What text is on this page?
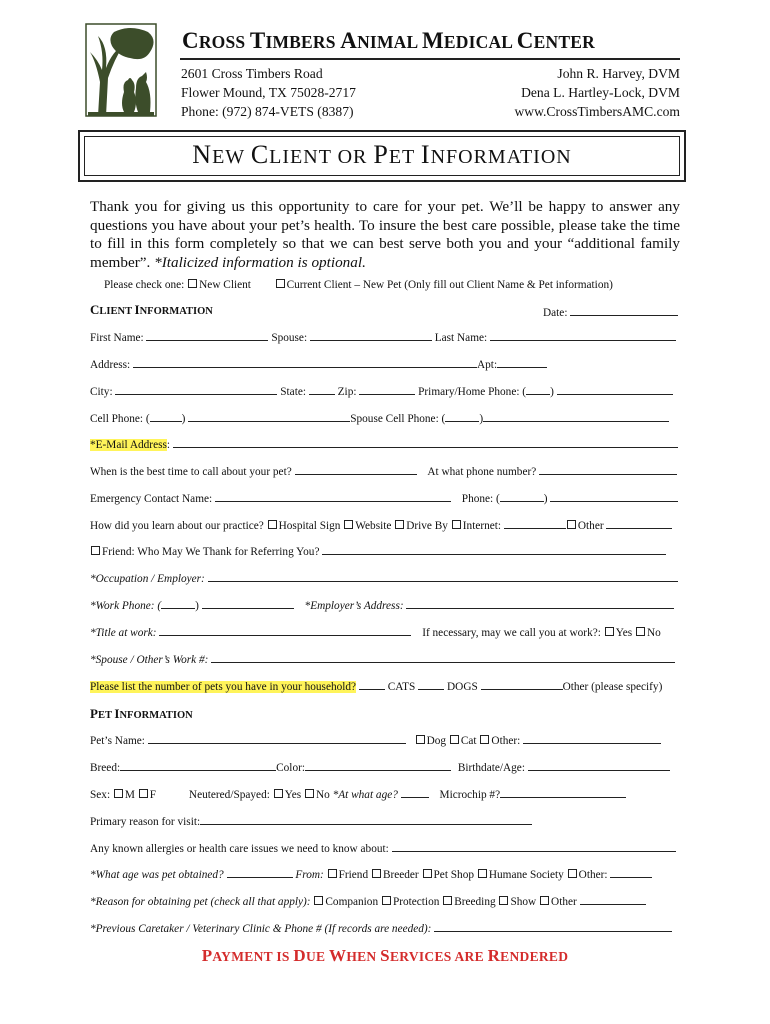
CROSS TIMBERS ANIMAL MEDICAL CENTER
2601 Cross Timbers Road
Flower Mound, TX 75028-2717
Phone: (972) 874-VETS (8387)
John R. Harvey, DVM
Dena L. Hartley-Lock, DVM
www.CrossTimbersAMC.com
NEW CLIENT OR PET INFORMATION
Thank you for giving us this opportunity to care for your pet. We’ll be happy to answer any questions you have about your pet’s health. To insure the best care possible, please take the time to fill in this form completely so that we can best serve both you and your “additional family member”. *Italicized information is optional.
Please check one: New Client	Current Client – New Pet (Only fill out Client Name & Pet information)
CLIENT INFORMATION	Date:
First Name:	Spouse:	Last Name:
Address:	Apt:
City:	State:	Zip:	Primary/Home Phone: ( )
Cell Phone: (	)	Spouse Cell Phone: (	)
*E-Mail Address:
When is the best time to call about your pet?	At what phone number?
Emergency Contact Name:	Phone: (	)
How did you learn about our practice? Hospital Sign Website Drive By Internet:	Other
Friend: Who May We Thank for Referring You?
*Occupation / Employer:
*Work Phone: (	)	*Employer’s Address:
*Title at work:	If necessary, may we call you at work?: Yes No
*Spouse / Other’s Work #:
Please list the number of pets you have in your household?	CATS	DOGS	Other (please specify)
PET INFORMATION
Pet’s Name:	Dog Cat Other:
Breed:	Color:	Birthdate/Age:
Sex: M F	Neutered/Spayed: Yes No *At what age?	Microchip #?
Primary reason for visit:
Any known allergies or health care issues we need to know about:
*What age was pet obtained?	From: Friend Breeder Pet Shop Humane Society Other:
*Reason for obtaining pet (check all that apply): Companion Protection Breeding Show Other
*Previous Caretaker / Veterinary Clinic & Phone # (If records are needed):
PAYMENT IS DUE WHEN SERVICES ARE RENDERED
